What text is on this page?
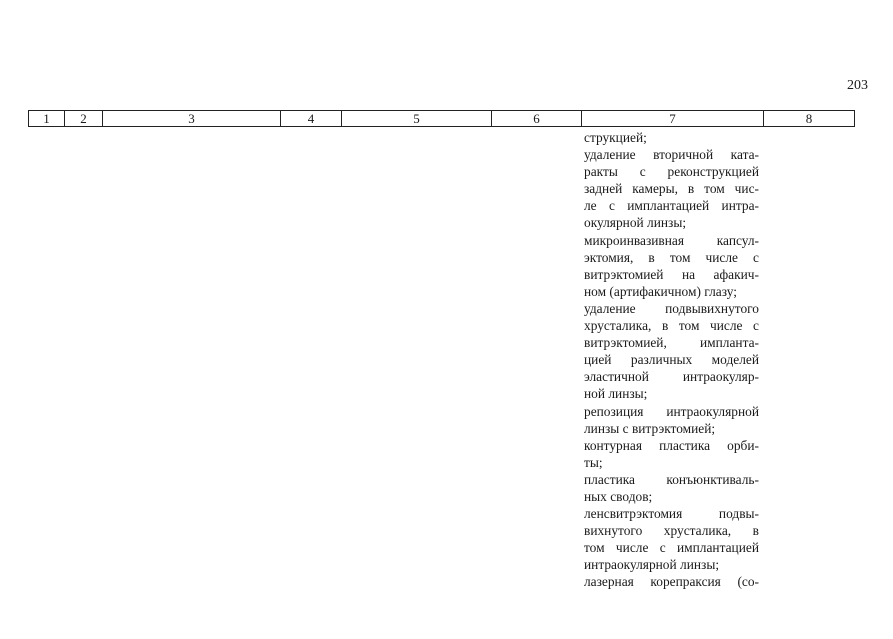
203
1	2	3	4	5	6	7	8
струкцией;
удаление вторичной ката-
ракты с реконструкцией
задней камеры, в том чис-
ле с имплантацией интра-
окулярной линзы;
микроинвазивная капсул-
эктомия, в том числе с
витрэктомией на афакич-
ном (артифакичном) глазу;
удаление подвывихнутого
хрусталика, в том числе с
витрэктомией, импланта-
цией различных моделей
эластичной интраокуляр-
ной линзы;
репозиция интраокулярной
линзы с витрэктомией;
контурная пластика орби-
ты;
пластика конъюнктиваль-
ных сводов;
ленсвитрэктомия подвы-
вихнутого хрусталика, в
том числе с имплантацией
интраокулярной линзы;
лазерная корепраксия (со-
